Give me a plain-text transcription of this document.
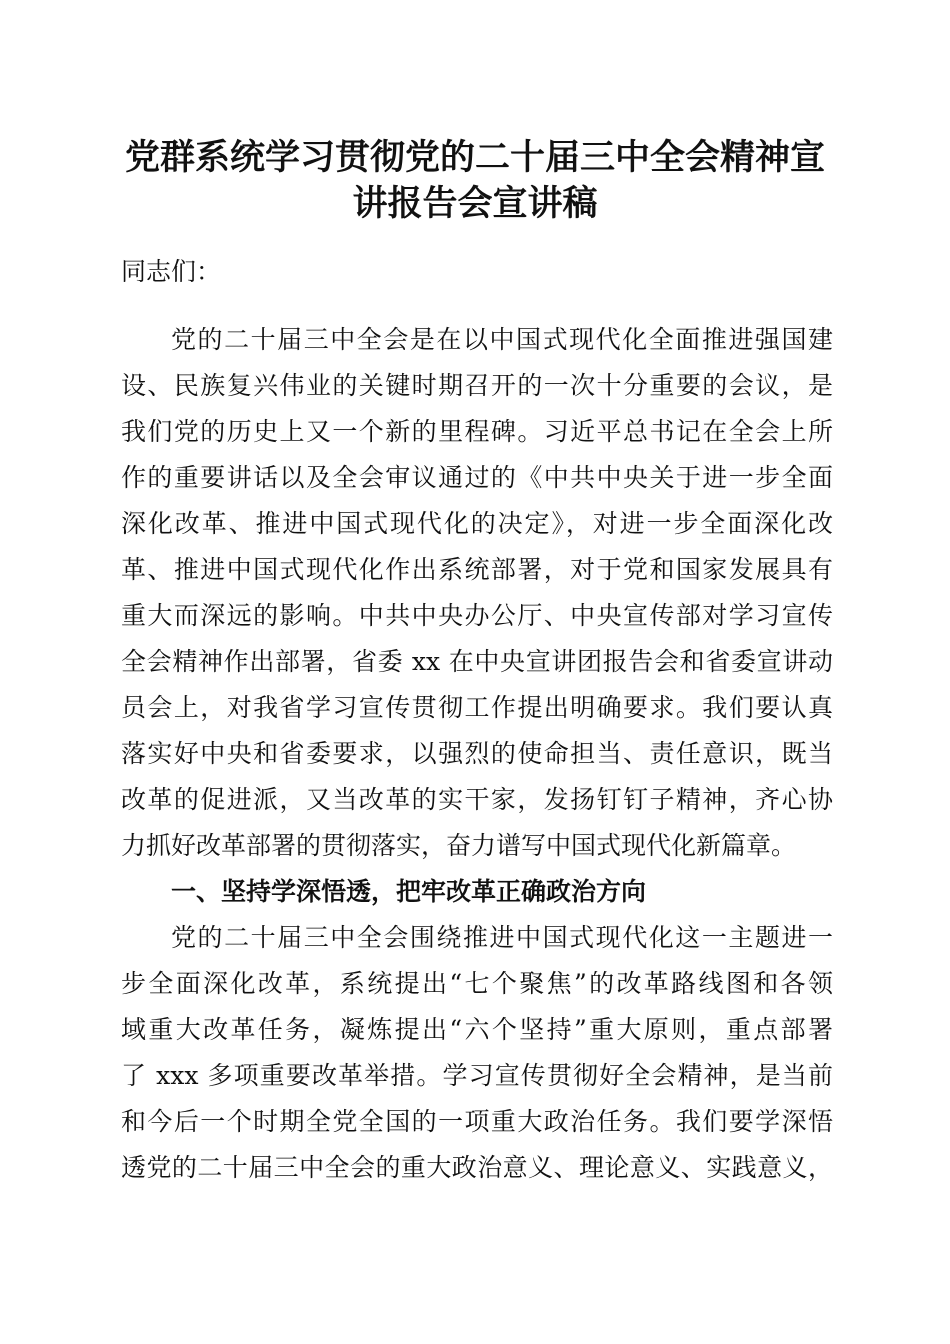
党群系统学习贯彻党的二十届三中全会精神宣
讲报告会宣讲稿
同志们：
党的二十届三中全会是在以中国式现代化全面推进强国建
设、民族复兴伟业的关键时期召开的一次十分重要的会议，是
我们党的历史上又一个新的里程碑。习近平总书记在全会上所
作的重要讲话以及全会审议通过的《中共中央关于进一步全面
深化改革、推进中国式现代化的决定》，对进一步全面深化改
革、推进中国式现代化作出系统部署，对于党和国家发展具有
重大而深远的影响。中共中央办公厅、中央宣传部对学习宣传
全会精神作出部署，省委 xx 在中央宣讲团报告会和省委宣讲动
员会上，对我省学习宣传贯彻工作提出明确要求。我们要认真
落实好中央和省委要求，以强烈的使命担当、责任意识，既当
改革的促进派，又当改革的实干家，发扬钉钉子精神，齐心协
力抓好改革部署的贯彻落实，奋力谱写中国式现代化新篇章。
一、坚持学深悟透，把牢改革正确政治方向
党的二十届三中全会围绕推进中国式现代化这一主题进一
步全面深化改革，系统提出“七个聚焦”的改革路线图和各领
域重大改革任务，凝炼提出“六个坚持”重大原则，重点部署
了 xxx 多项重要改革举措。学习宣传贯彻好全会精神，是当前
和今后一个时期全党全国的一项重大政治任务。我们要学深悟
透党的二十届三中全会的重大政治意义、理论意义、实践意义，
